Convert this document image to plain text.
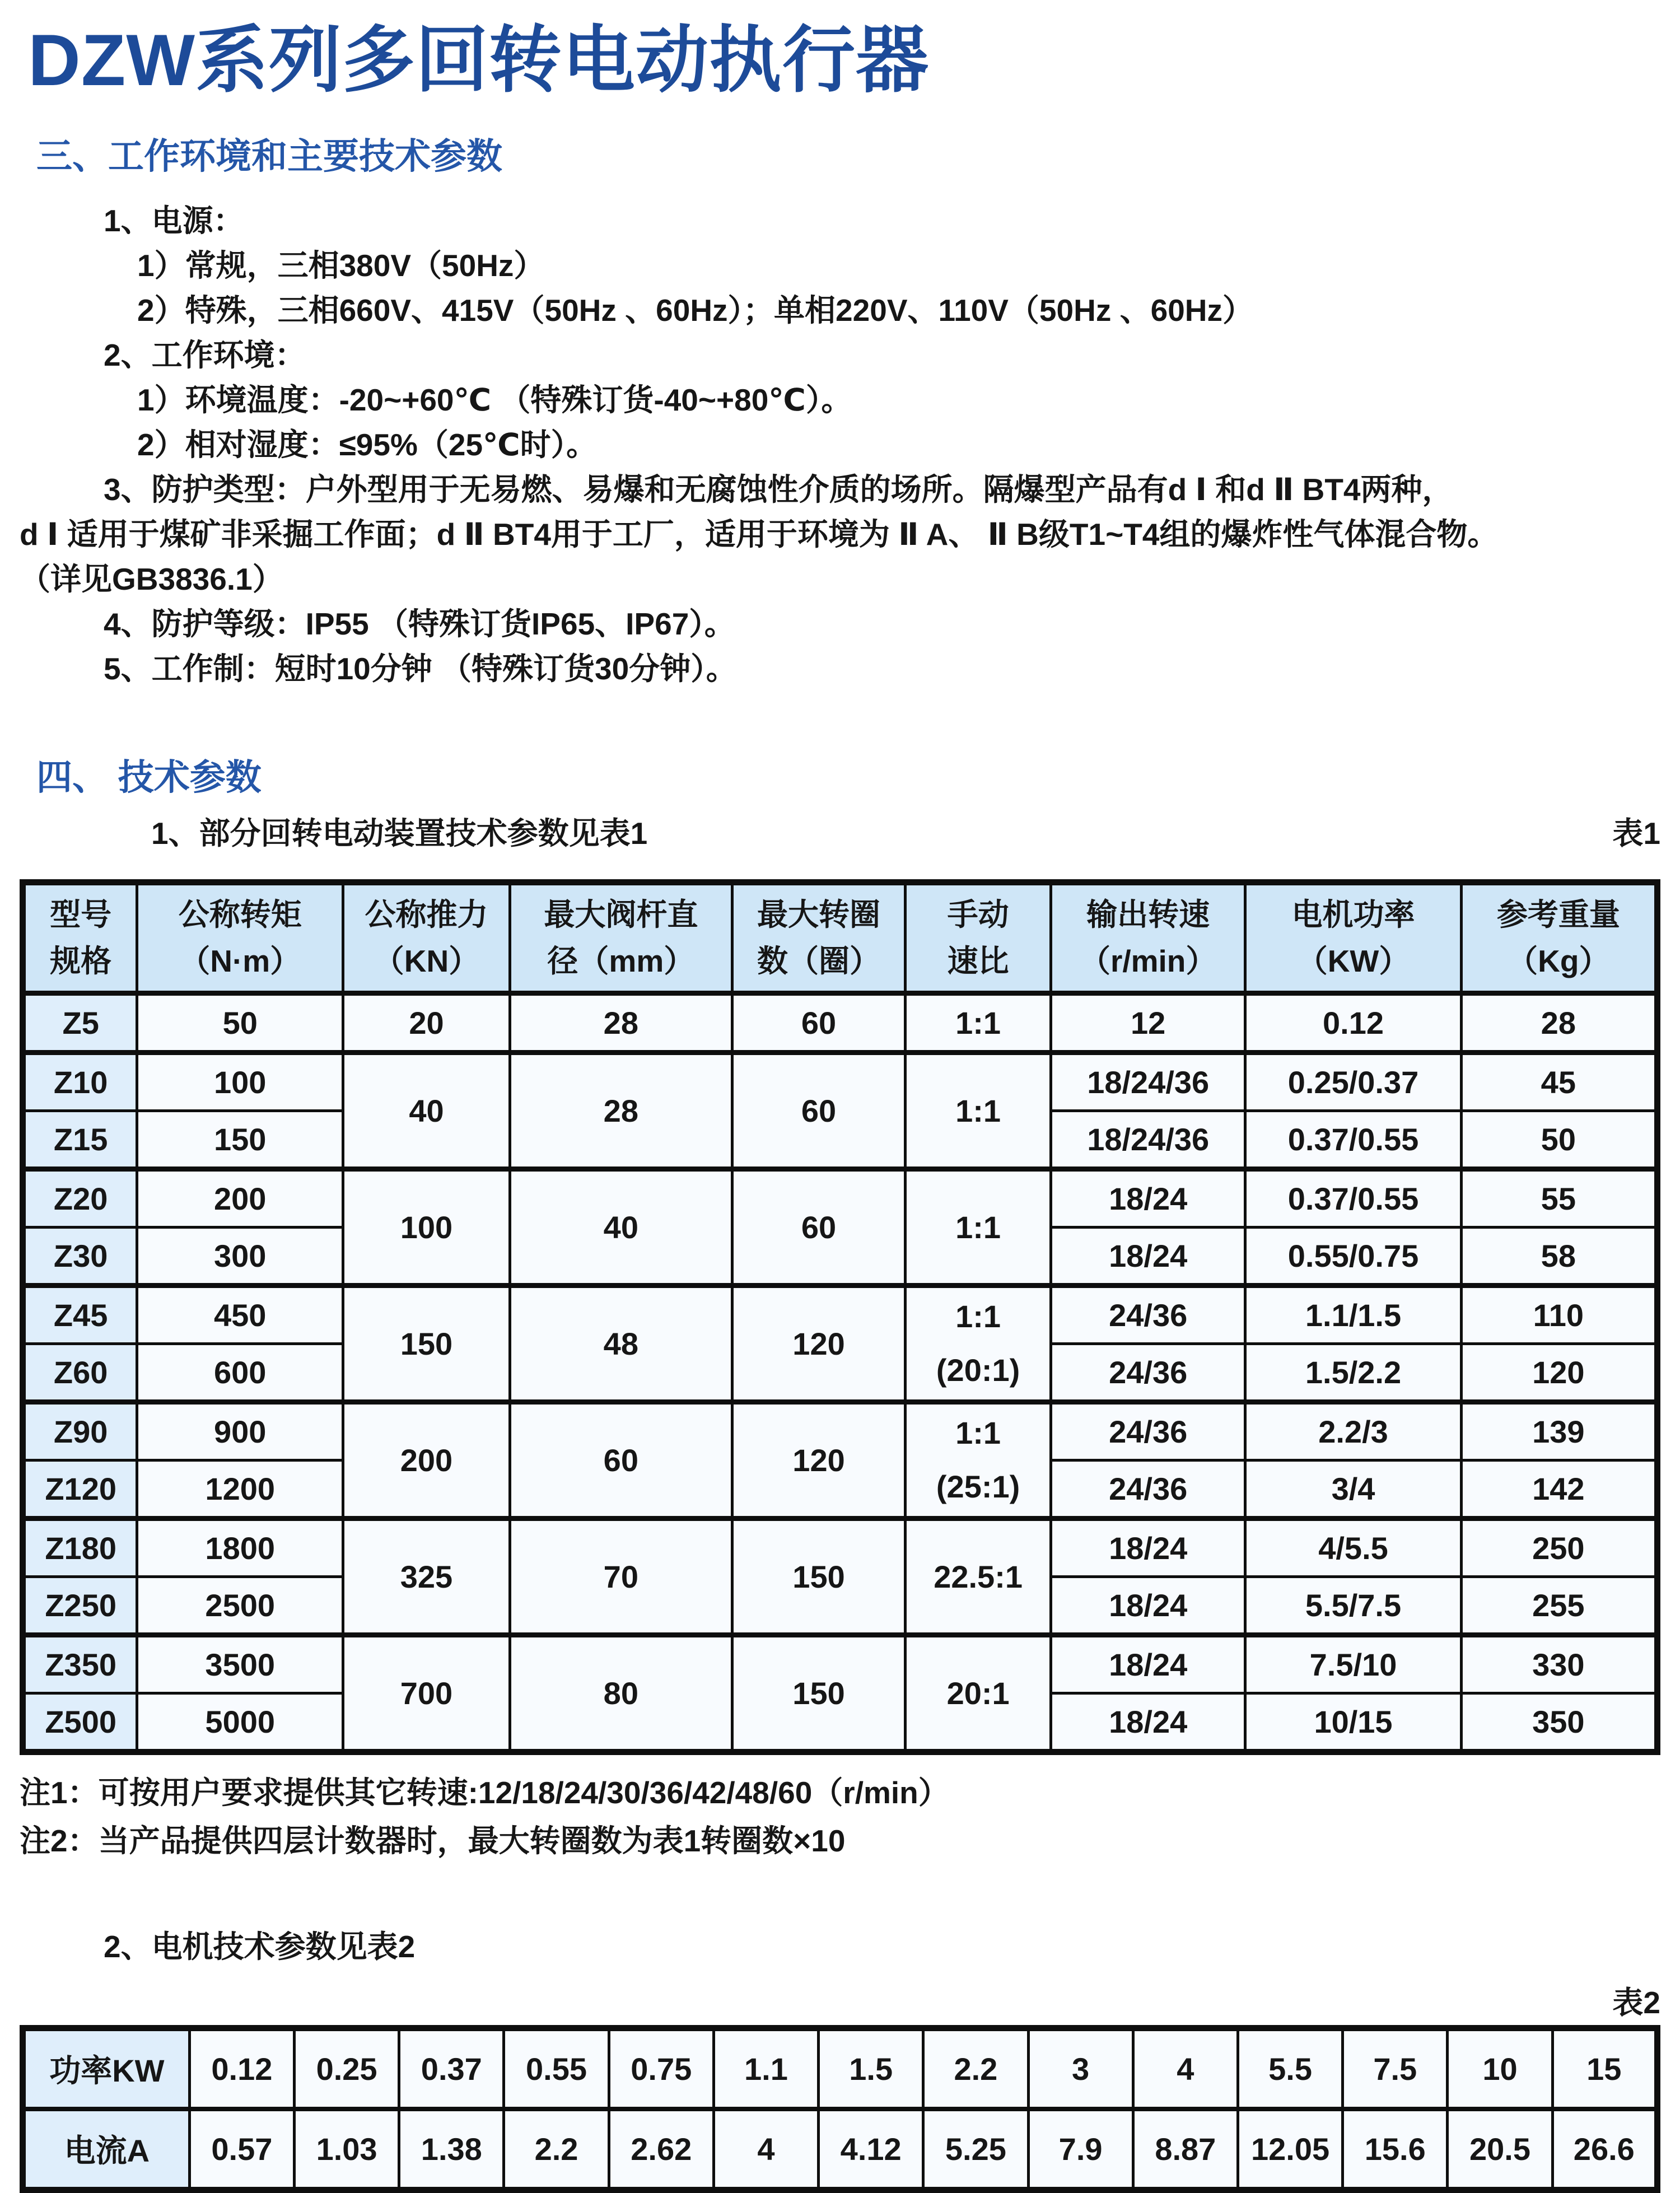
DZW系列多回转电动执行器
三、工作环境和主要技术参数
1、电源：
1）常规，三相380V（50Hz）
2）特殊，三相660V、415V（50Hz 、60Hz）；单相220V、110V（50Hz 、60Hz）
2、工作环境：
1）环境温度：-20~+60℃ （特殊订货-40~+80℃）。
2）相对湿度：≤95%（25℃时）。
3、防护类型：户外型用于无易燃、易爆和无腐蚀性介质的场所。隔爆型产品有d Ⅰ 和d Ⅱ BT4两种，
d Ⅰ 适用于煤矿非采掘工作面；d Ⅱ BT4用于工厂，适用于环境为 Ⅱ A、 Ⅱ B级T1~T4组的爆炸性气体混合物。
（详见GB3836.1）
4、防护等级：IP55 （特殊订货IP65、IP67）。
5、工作制：短时10分钟 （特殊订货30分钟）。
四、 技术参数
1、部分回转电动装置技术参数见表1	表1
型号
规格	公称转矩
（N·m）	公称推力
（KN）	最大阀杆直
径（mm）	最大转圈
数（圈）	手动
速比	输出转速
（r/min）	电机功率
（KW）	参考重量
（Kg）
Z5	50	20	28	60	1:1	12	0.12	28
Z10	100	40	28	60	1:1	18/24/36	0.25/0.37	45
Z15	150					18/24/36	0.37/0.55	50
Z20	200	100	40	60	1:1	18/24	0.37/0.55	55
Z30	300					18/24	0.55/0.75	58
Z45	450	150	48	120	1:1
(20:1)	24/36	1.1/1.5	110
Z60	600					24/36	1.5/2.2	120
Z90	900	200	60	120	1:1
(25:1)	24/36	2.2/3	139
Z120	1200					24/36	3/4	142
Z180	1800	325	70	150	22.5:1	18/24	4/5.5	250
Z250	2500					18/24	5.5/7.5	255
Z350	3500	700	80	150	20:1	18/24	7.5/10	330
Z500	5000					18/24	10/15	350
注1：可按用户要求提供其它转速:12/18/24/30/36/42/48/60（r/min）
注2：当产品提供四层计数器时，最大转圈数为表1转圈数×10
2、电机技术参数见表2
表2
功率KW	0.12	0.25	0.37	0.55	0.75	1.1	1.5	2.2	3	4	5.5	7.5	10	15
电流A	0.57	1.03	1.38	2.2	2.62	4	4.12	5.25	7.9	8.87	12.05	15.6	20.5	26.6
